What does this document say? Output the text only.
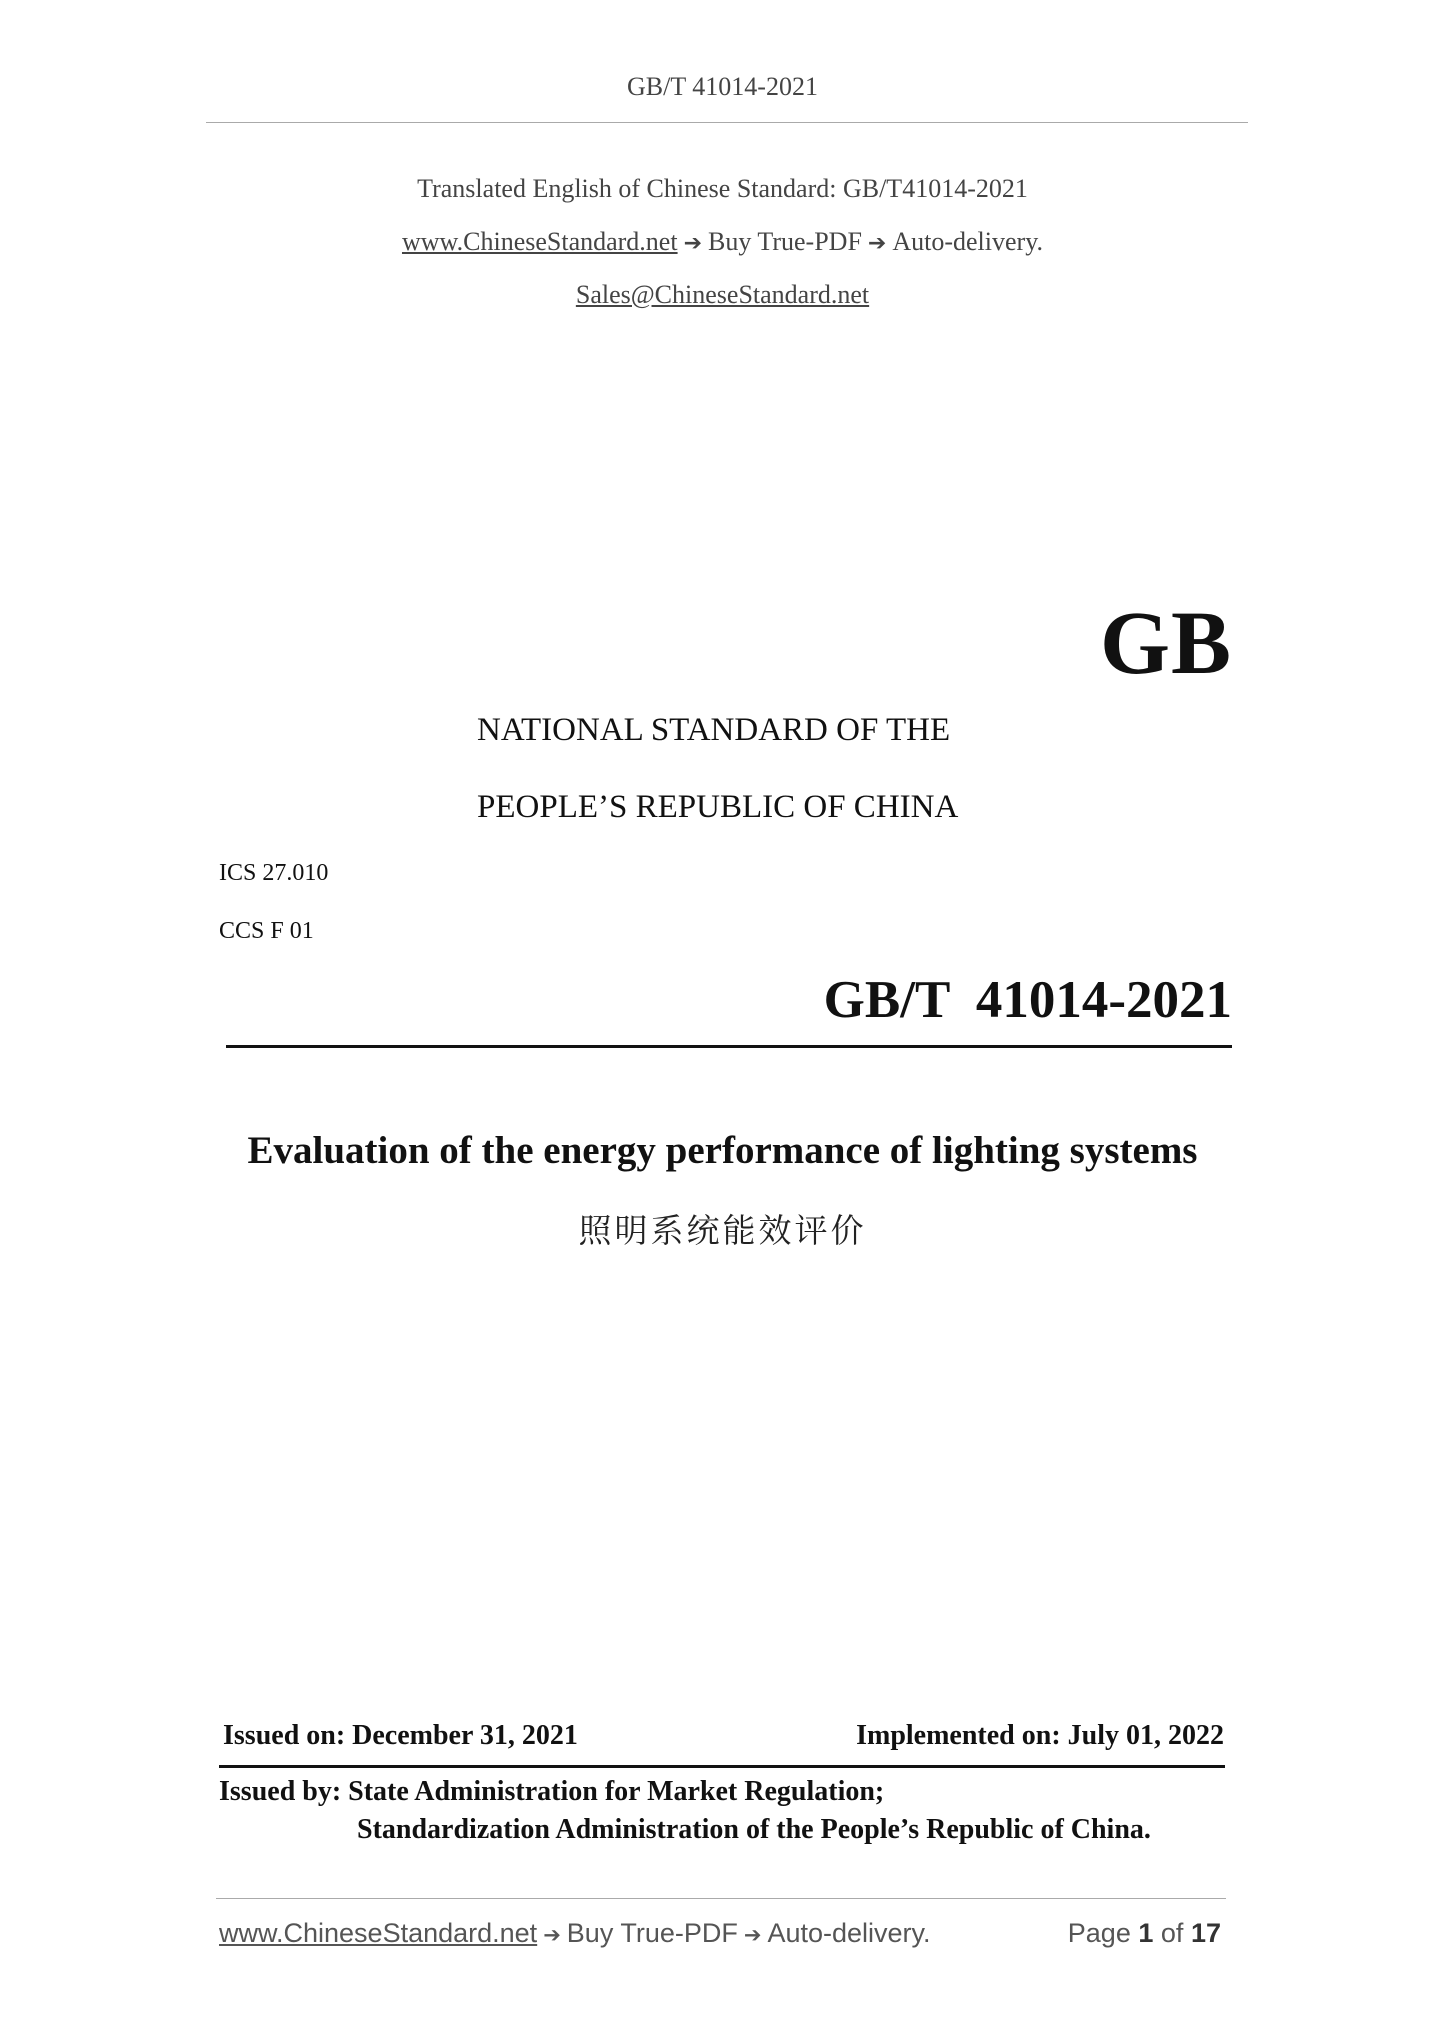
GB/T 41014-2021
Translated English of Chinese Standard: GB/T41014-2021
www.ChineseStandard.net ➔ Buy True-PDF ➔ Auto-delivery.
Sales@ChineseStandard.net
GB
NATIONAL STANDARD OF THE
PEOPLE’S REPUBLIC OF CHINA
ICS 27.010
CCS F 01
GB/T  41014-2021
Evaluation of the energy performance of lighting systems
照明系统能效评价
Issued on: December 31, 2021	Implemented on: July 01, 2022
Issued by: State Administration for Market Regulation;
Standardization Administration of the People’s Republic of China.
www.ChineseStandard.net ➔ Buy True-PDF ➔ Auto-delivery.	Page 1 of 17
